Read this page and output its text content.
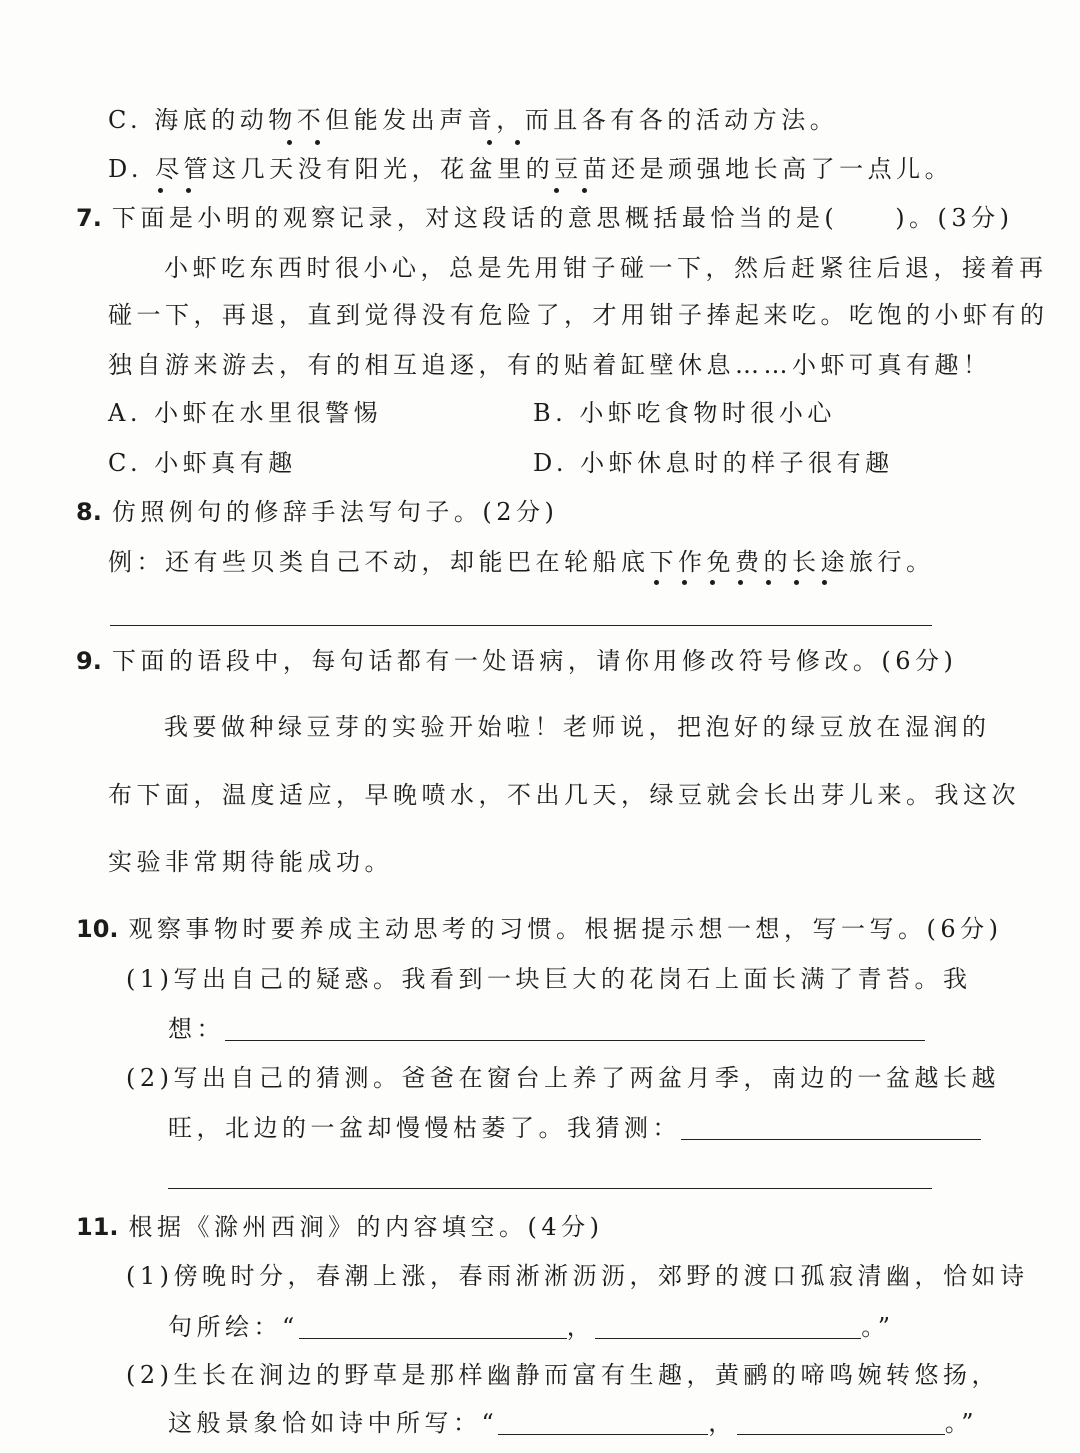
C. 海底的动物不但能发出声音，而且各有各的活动方法。
D. 尽管这几天没有阳光，花盆里的豆苗还是顽强地长高了一点儿。
7. 下面是小明的观察记录，对这段话的意思概括最恰当的是(　　)。(3分)
小虾吃东西时很小心，总是先用钳子碰一下，然后赶紧往后退，接着再
碰一下，再退，直到觉得没有危险了，才用钳子捧起来吃。吃饱的小虾有的
独自游来游去，有的相互追逐，有的贴着缸壁休息……小虾可真有趣！
A. 小虾在水里很警惕	B. 小虾吃食物时很小心
C. 小虾真有趣	D. 小虾休息时的样子很有趣
8. 仿照例句的修辞手法写句子。(2分)
例：还有些贝类自己不动，却能巴在轮船底下作免费的长途旅行。
9. 下面的语段中，每句话都有一处语病，请你用修改符号修改。(6分)
我要做种绿豆芽的实验开始啦！老师说，把泡好的绿豆放在湿润的
布下面，温度适应，早晚喷水，不出几天，绿豆就会长出芽儿来。我这次
实验非常期待能成功。
10. 观察事物时要养成主动思考的习惯。根据提示想一想，写一写。(6分)
(1)写出自己的疑惑。我看到一块巨大的花岗石上面长满了青苔。我
想：
(2)写出自己的猜测。爸爸在窗台上养了两盆月季，南边的一盆越长越
旺，北边的一盆却慢慢枯萎了。我猜测：
11. 根据《滁州西涧》的内容填空。(4分)
(1)傍晚时分，春潮上涨，春雨淅淅沥沥，郊野的渡口孤寂清幽，恰如诗
句所绘：“	，	。”
(2)生长在涧边的野草是那样幽静而富有生趣，黄鹂的啼鸣婉转悠扬，
这般景象恰如诗中所写：“	，	。”
